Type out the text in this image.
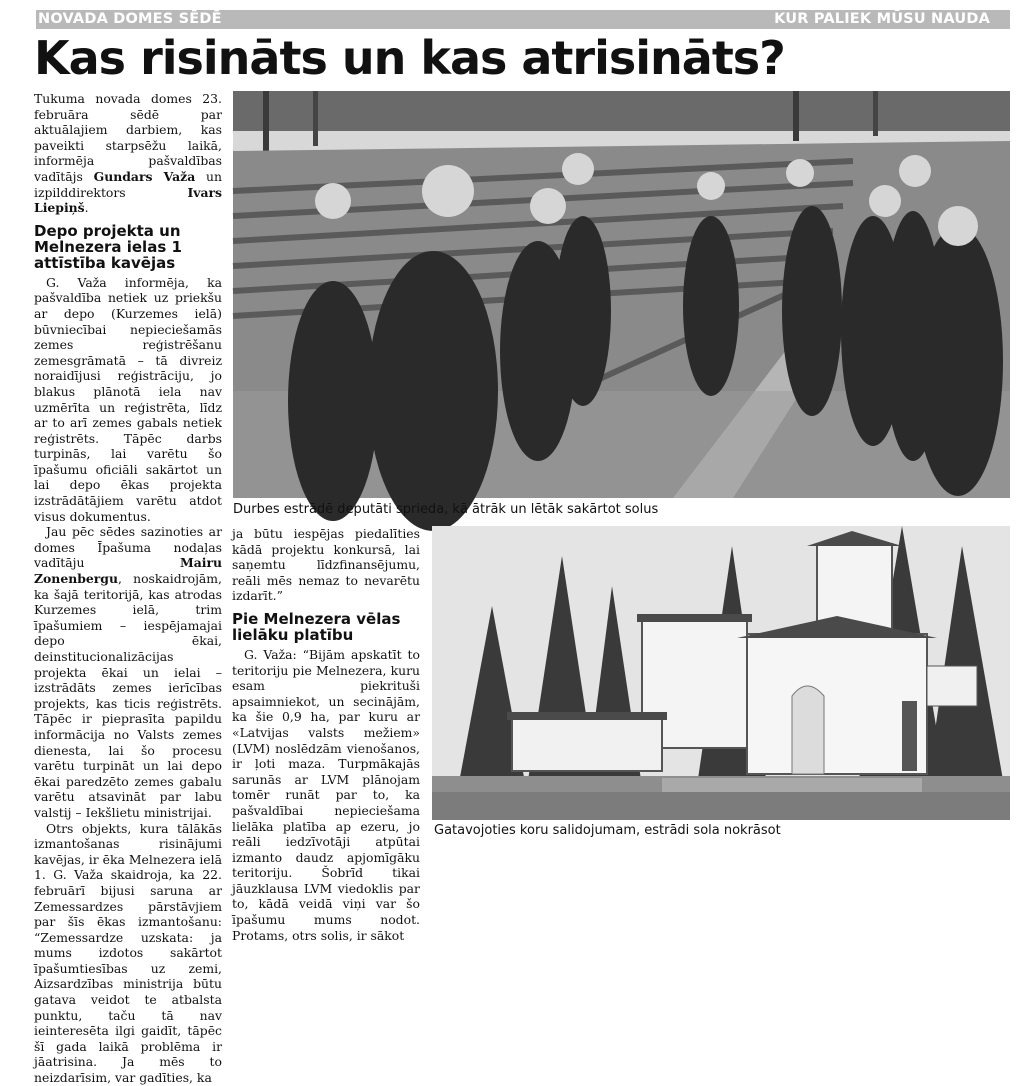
NOVADA DOMES SĒDĒ	KUR PALIEK MŪSU NAUDA
Kas risināts un kas atrisināts?

Tukuma novada domes 23. februāra sēdē par aktuālajiem darbiem, kas paveikti starpsēžu laikā, informēja pašvaldības vadītājs Gundars Važa un izpilddirektors Ivars Liepiņš.

Depo projekta un Melnezera ielas 1 attīstība kavējas

G. Važa informēja, ka pašvaldība netiek uz priekšu ar depo (Kurzemes ielā) būvniecībai nepieciešamās zemes reģistrēšanu zemesgrāmatā – tā divreiz noraidījusi reģistrāciju, jo blakus plānotā iela nav uzmērīta un reģistrēta, līdz ar to arī zemes gabals netiek reģistrēts. Tāpēc darbs turpinās, lai varētu šo īpašumu oficiāli sakārtot un lai depo ēkas projekta izstrādātājiem varētu atdot visus dokumentus.

Jau pēc sēdes sazinoties ar domes Īpašuma nodaļas vadītāju Mairu Zonenbergu, noskaidrojām, ka šajā teritorijā, kas atrodas Kurzemes ielā, trim īpašumiem – iespējamajai depo ēkai, deinstitucionalizācijas projekta ēkai un ielai – izstrādāts zemes ierīcības projekts, kas ticis reģistrēts. Tāpēc ir pieprasīta papildu informācija no Valsts zemes dienesta, lai šo procesu varētu turpināt un lai depo ēkai paredzēto zemes gabalu varētu atsavināt par labu valstij – Iekšlietu ministrijai.

Otrs objekts, kura tālākās izmantošanas risinājumi kavējas, ir ēka Melnezera ielā 1. G. Važa skaidroja, ka 22. februārī bijusi saruna ar Zemessardzes pārstāvjiem par šīs ēkas izmantošanu: “Zemessardze uzskata: ja mums izdotos sakārtot īpašumtiesības uz zemi, Aizsardzības ministrija būtu gatava veidot te atbalsta punktu, taču tā nav ieinteresēta ilgi gaidīt, tāpēc šī gada laikā problēma ir jāatrisina. Ja mēs to neizdarīsim, var gadīties, ka

Durbes estrādē deputāti sprieda, kā ātrāk un lētāk sakārtot solus

ja būtu iespējas piedalīties kādā projektu konkursā, lai saņemtu līdzfinansējumu, reāli mēs nemaz to nevarētu izdarīt.”

Pie Melnezera vēlas lielāku platību

G. Važa: “Bijām apskatīt to teritoriju pie Melnezera, kuru esam piekrituši apsaimniekot, un secinājām, ka šie 0,9 ha, par kuru ar «Latvijas valsts mežiem» (LVM) noslēdzām vienošanos, ir ļoti maza. Turpmākajās sarunās ar LVM plānojam tomēr runāt par to, ka pašvaldībai nepieciešama lielāka platība ap ezeru, jo reāli iedzīvotāji atpūtai izmanto daudz apjomīgāku teritoriju. Šobrīd tikai jāuzklausa LVM viedoklis par to, kādā veidā viņi var šo īpašumu mums nodot. Protams, otrs solis, ir sākot

Gatavojoties koru salidojumam, estrādi sola nokrāsot
